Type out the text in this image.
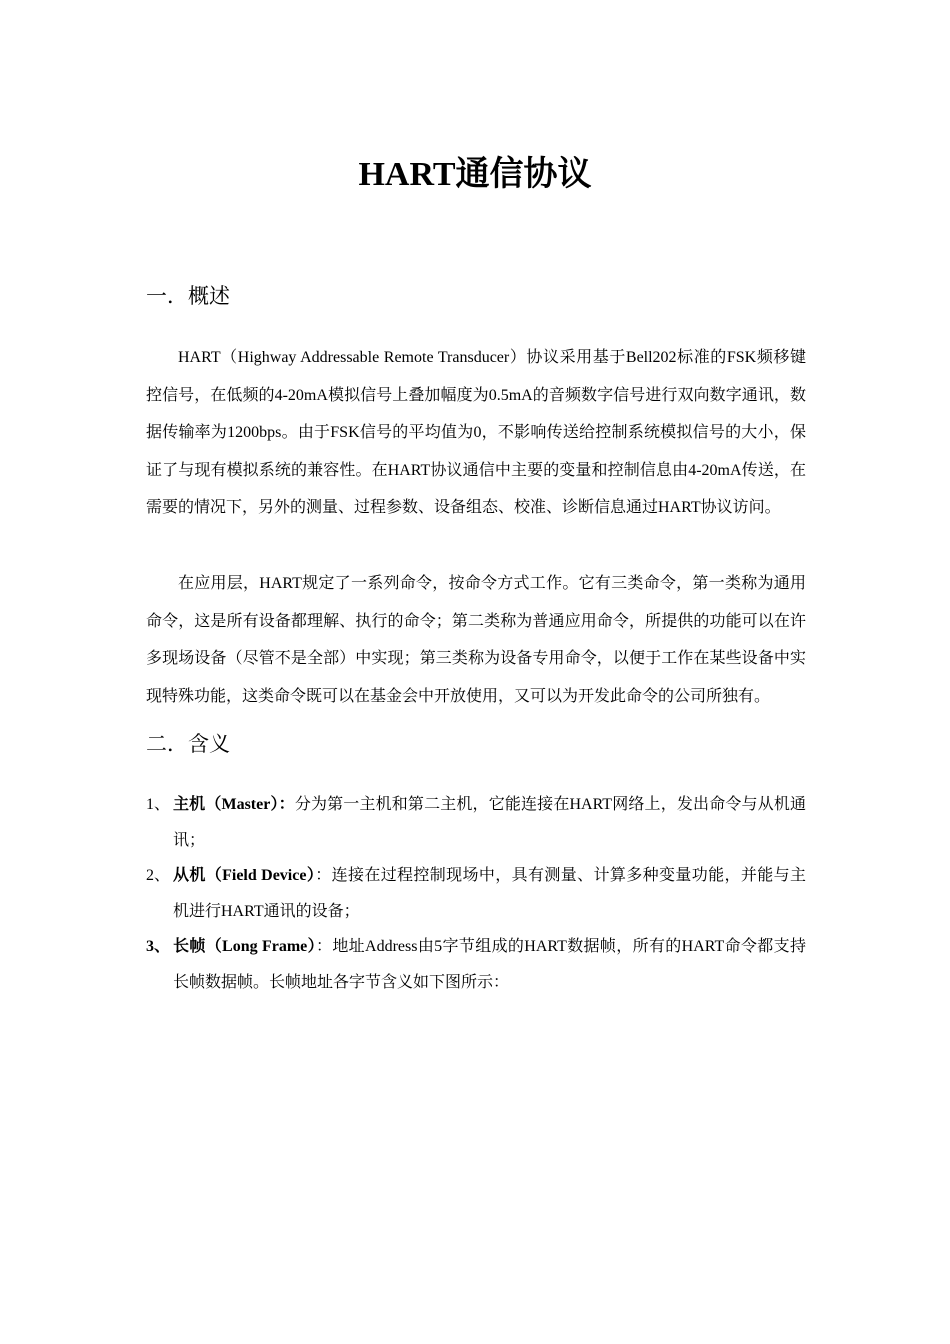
HART通信协议
一．概述

HART（Highway Addressable Remote Transducer）协议采用基于Bell202标准的FSK频移键控信号，在低频的4-20mA模拟信号上叠加幅度为0.5mA的音频数字信号进行双向数字通讯，数据传输率为1200bps。由于FSK信号的平均值为0，不影响传送给控制系统模拟信号的大小，保证了与现有模拟系统的兼容性。在HART协议通信中主要的变量和控制信息由4-20mA传送，在需要的情况下，另外的测量、过程参数、设备组态、校准、诊断信息通过HART协议访问。

在应用层，HART规定了一系列命令，按命令方式工作。它有三类命令，第一类称为通用命令，这是所有设备都理解、执行的命令；第二类称为普通应用命令，所提供的功能可以在许多现场设备（尽管不是全部）中实现；第三类称为设备专用命令，以便于工作在某些设备中实现特殊功能，这类命令既可以在基金会中开放使用，又可以为开发此命令的公司所独有。

二．含义
1、 主机（Master）：分为第一主机和第二主机，它能连接在HART网络上，发出命令与从机通讯；
2、 从机（Field Device）：连接在过程控制现场中，具有测量、计算多种变量功能，并能与主机进行HART通讯的设备；
3、 长帧（Long Frame）：地址Address由5字节组成的HART数据帧，所有的HART命令都支持长帧数据帧。长帧地址各字节含义如下图所示：
